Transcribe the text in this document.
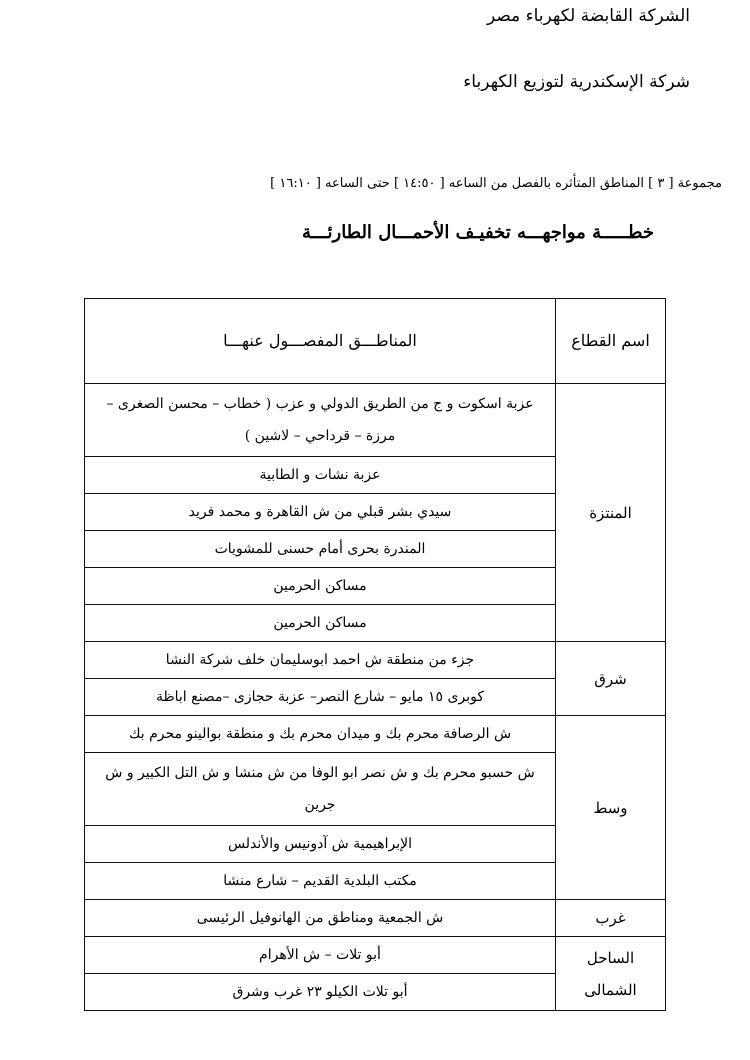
الشركة القابضة لكهرباء مصر
شركة الإسكندرية لتوزيع الكهرباء
مجموعة [ ٣ ] المناطق المتأثره بالفصل من الساعه [ ١٤:٥٠ ] حتى الساعه [ ١٦:١٠ ]
خطـــــة مواجهـــه تخفيـف الأحمـــال الطارئـــة
اسم القطاع	المناطـــق المفصـــول عنهـــا
المنتزة	عزبة اسكوت و ج من الطريق الدولي و عزب ( خطاب – محسن الصغرى – مرزة – قرداحي – لاشين )
	عزبة نشات و الطابية
	سيدي بشر قبلي من ش القاهرة و محمد فريد
	المندرة بحرى أمام حسنى للمشويات
	مساكن الحرمين
	مساكن الحرمين
شرق	جزء من منطقة ش احمد ابوسليمان خلف شركة النشا
	كوبرى ١٥ مايو – شارع النصر– عزبة حجازى –مصنع اباظة
وسط	ش الرصافة محرم بك و ميدان محرم بك و منطقة بوالينو محرم بك
	ش حسبو محرم بك و ش نصر ابو الوفا من ش منشا و ش التل الكبير و ش جرين
	الإبراهيمية ش آدونيس والأندلس
	مكتب البلدية القديم – شارع منشا
غرب	ش الجمعية ومناطق من الهانوفيل الرئيسى
الساحل الشمالى	أبو تلات – ش الأهرام
	أبو تلات الكيلو ٢٣ غرب وشرق
